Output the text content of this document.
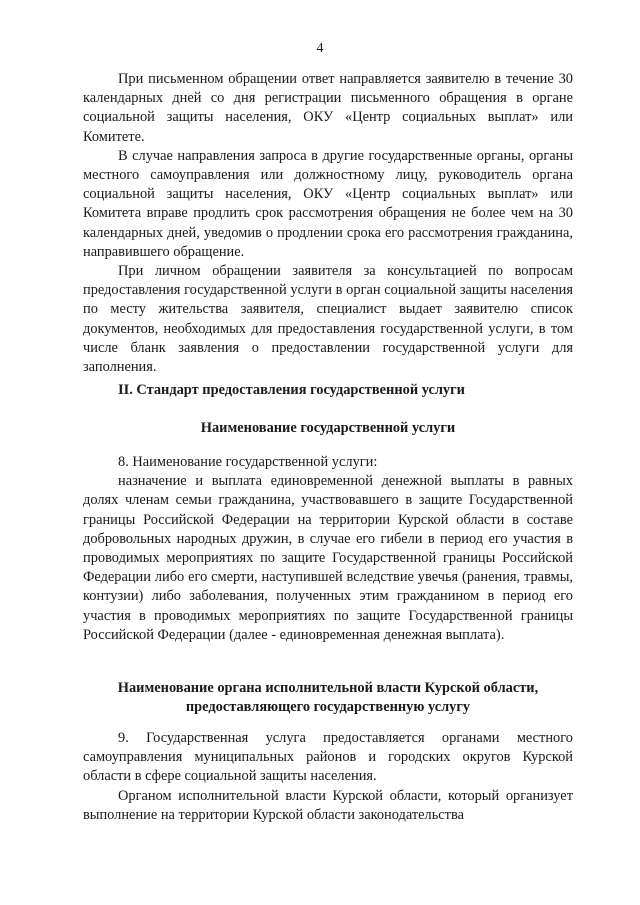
4

При письменном обращении ответ направляется заявителю в течение 30 календарных дней со дня регистрации письменного обращения в органе социальной защиты населения, ОКУ «Центр социальных выплат» или Комитете.

В случае направления запроса в другие государственные органы, органы местного самоуправления или должностному лицу, руководитель органа социальной защиты населения, ОКУ «Центр социальных выплат» или Комитета вправе продлить срок рассмотрения обращения не более чем на 30 календарных дней, уведомив о продлении срока его рассмотрения гражданина, направившего обращение.

При личном обращении заявителя за консультацией по вопросам предоставления государственной услуги в орган социальной защиты населения по месту жительства заявителя, специалист выдает заявителю список документов, необходимых для предоставления государственной услуги, в том числе бланк заявления о предоставлении государственной услуги для заполнения.

II. Стандарт предоставления государственной услуги
Наименование государственной услуги

8. Наименование государственной услуги:

назначение и выплата единовременной денежной выплаты в равных долях членам семьи гражданина, участвовавшего в защите Государственной границы Российской Федерации на территории Курской области в составе добровольных народных дружин, в случае его гибели в период его участия в проводимых мероприятиях по защите Государственной границы Российской Федерации либо его смерти, наступившей вследствие увечья (ранения, травмы, контузии) либо заболевания, полученных этим гражданином в период его участия в проводимых мероприятиях по защите Государственной границы Российской Федерации (далее - единовременная денежная выплата).

Наименование органа исполнительной власти Курской области,
предоставляющего государственную услугу

9. Государственная услуга предоставляется органами местного самоуправления муниципальных районов и городских округов Курской области в сфере социальной защиты населения.

Органом исполнительной власти Курской области, который организует выполнение на территории Курской области законодательства
